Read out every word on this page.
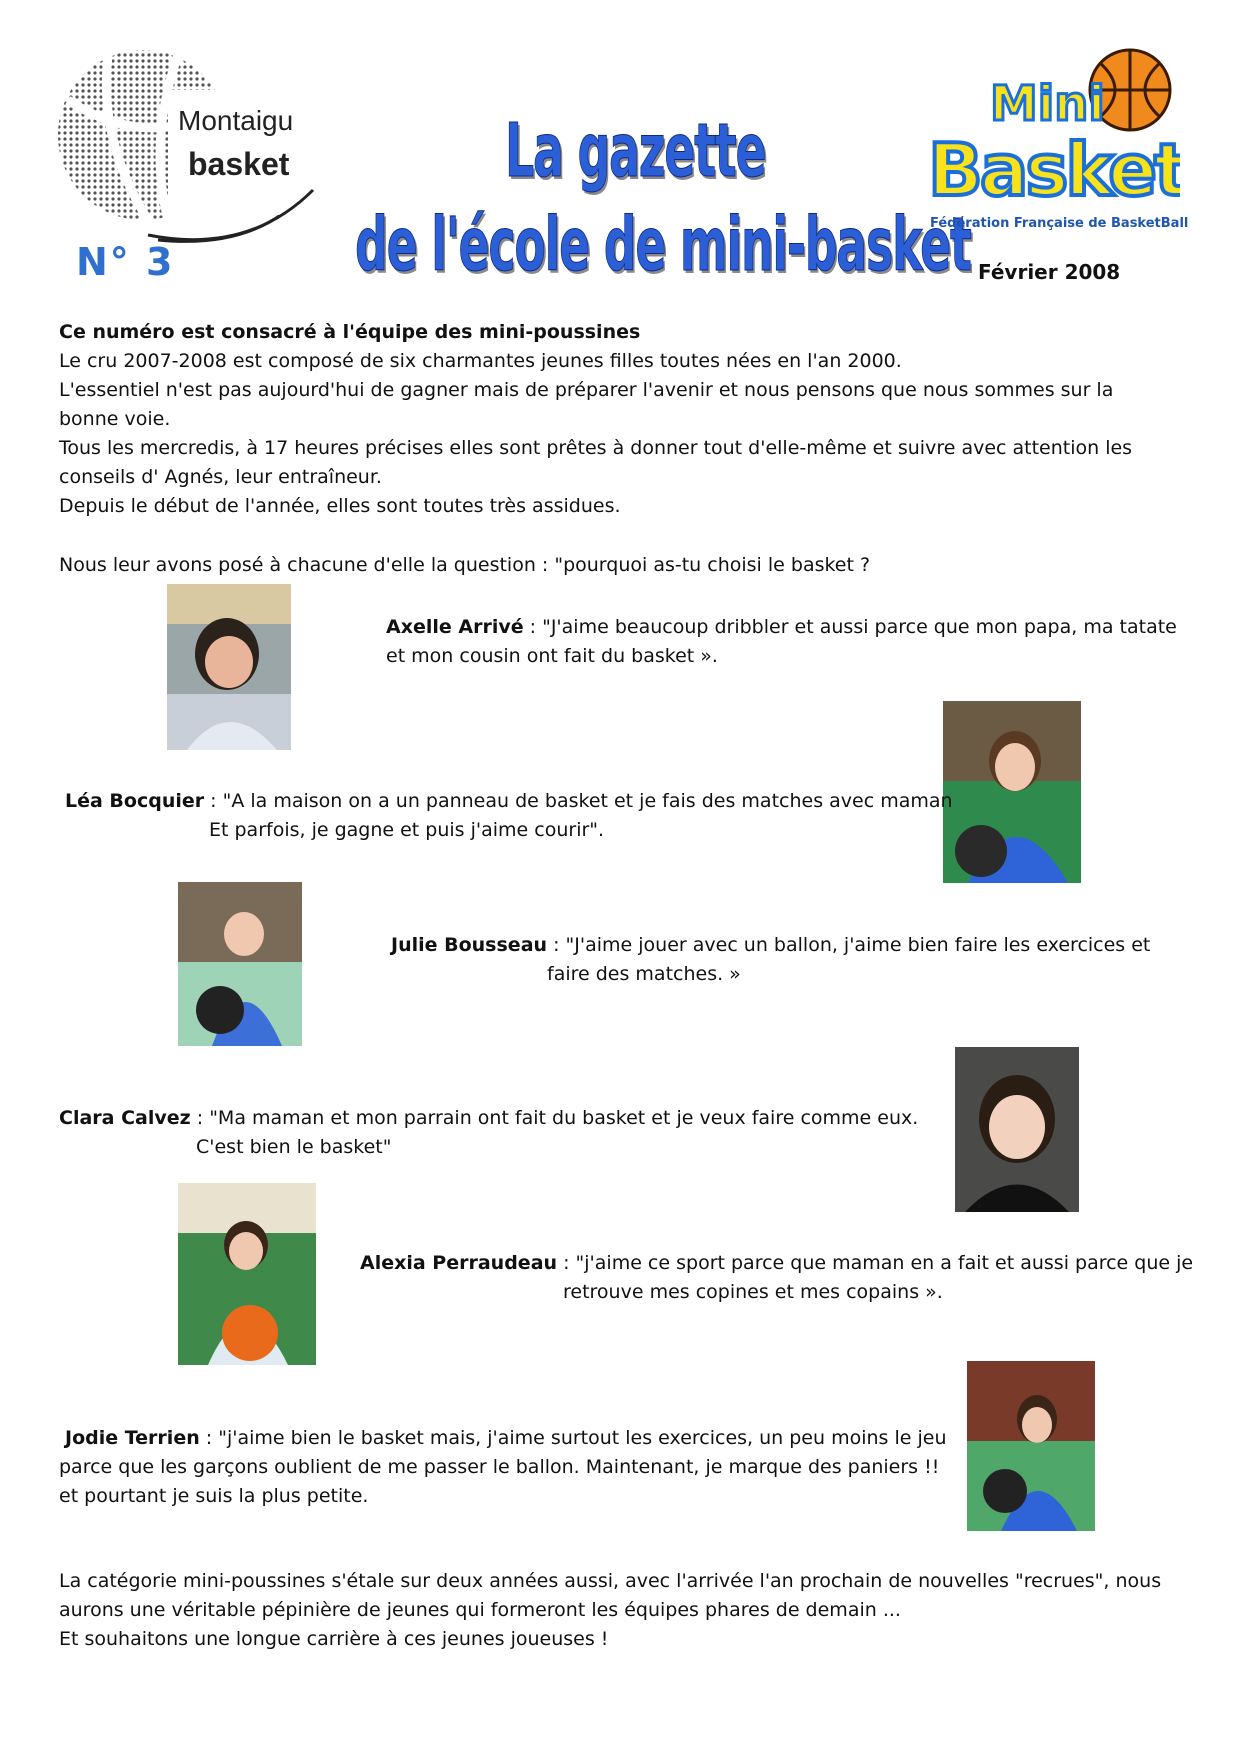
Montaigu
basket
N° 3
La gazette
de l'école de mini-basket
Mini
Basket
Fédération Française de BasketBall
Février 2008
Ce numéro est consacré à l'équipe des mini-poussines
Le cru 2007-2008 est composé de six charmantes jeunes filles toutes nées en l'an 2000.
L'essentiel n'est pas aujourd'hui de gagner mais de préparer l'avenir et nous pensons que nous sommes sur la
bonne voie.
Tous les mercredis, à 17 heures précises elles sont prêtes à donner tout d'elle-même et suivre avec attention les
conseils d' Agnés, leur entraîneur.
Depuis le début de l'année, elles sont toutes très assidues.
Nous leur avons posé à chacune d'elle la question : "pourquoi as-tu choisi le basket ?
Axelle Arrivé : "J'aime beaucoup dribbler et aussi parce que mon papa, ma tatate
et mon cousin ont fait du basket ».
Léa Bocquier : "A la maison on a un panneau de basket et je fais des matches avec maman
Et parfois, je gagne et puis j'aime courir".
Julie Bousseau : "J'aime jouer avec un ballon, j'aime bien faire les exercices et
faire des matches. »
Clara Calvez : "Ma maman et mon parrain ont fait du basket et je veux faire comme eux.
C'est bien le basket"
Alexia Perraudeau : "j'aime ce sport parce que maman en a fait et aussi parce que je
retrouve mes copines et mes copains ».
Jodie Terrien : "j'aime bien le basket mais, j'aime surtout les exercices, un peu moins le jeu
parce que les garçons oublient de me passer le ballon. Maintenant, je marque des paniers !!
et pourtant je suis la plus petite.
La catégorie mini-poussines s'étale sur deux années aussi, avec l'arrivée l'an prochain de nouvelles "recrues", nous
aurons une véritable pépinière de jeunes qui formeront les équipes phares de demain ...
Et souhaitons une longue carrière à ces jeunes joueuses !
